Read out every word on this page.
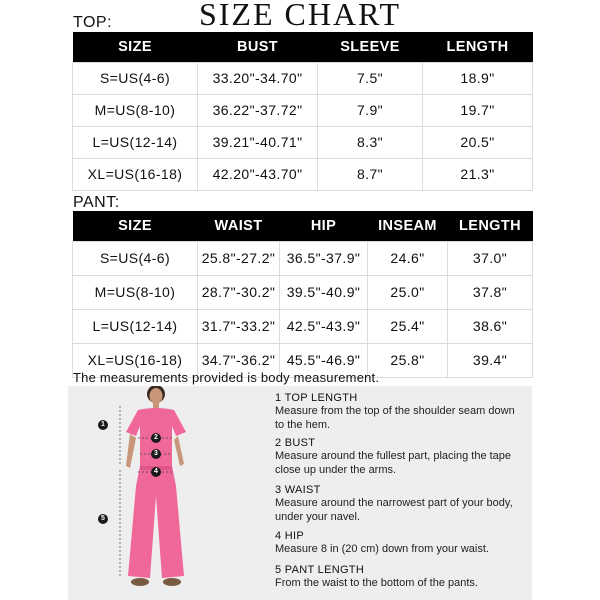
SIZE CHART
TOP:
SIZE	BUST	SLEEVE	LENGTH
S=US(4-6)	33.20"-34.70"	7.5"	18.9"
M=US(8-10)	36.22"-37.72"	7.9"	19.7"
L=US(12-14)	39.21"-40.71"	8.3"	20.5"
XL=US(16-18)	42.20"-43.70"	8.7"	21.3"
PANT:
SIZE	WAIST	HIP	INSEAM	LENGTH
S=US(4-6)	25.8"-27.2"	36.5"-37.9"	24.6"	37.0"
M=US(8-10)	28.7"-30.2"	39.5"-40.9"	25.0"	37.8"
L=US(12-14)	31.7"-33.2"	42.5"-43.9"	25.4"	38.6"
XL=US(16-18)	34.7"-36.2"	45.5"-46.9"	25.8"	39.4"
The measurements provided is body measurement.
1
2
3
4
5
1 TOP LENGTH
Measure from the top of the shoulder seam down to the hem.
2 BUST
Measure around the fullest part, placing the tape close up under the arms.
3 WAIST
Measure around the narrowest part of your body, under your navel.
4 HIP
Measure 8 in (20 cm) down from your waist.
5 PANT LENGTH
From the waist to the bottom of the pants.
